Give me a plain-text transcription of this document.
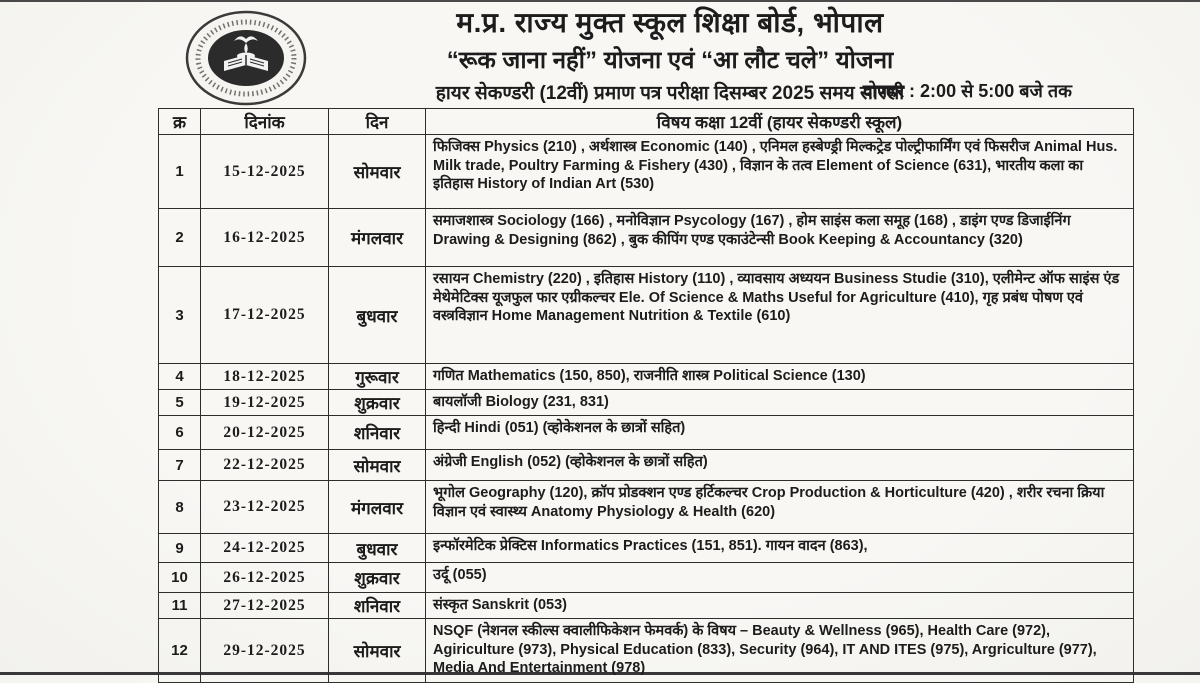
म.प्र. राज्य मुक्त स्कूल शिक्षा बोर्ड, भोपाल
“रूक जाना नहीं” योजना एवं “आ लौट चले” योजना
हायर सेकण्डरी (12वीं) प्रमाण पत्र परीक्षा दिसम्बर 2025 समय सारणी
दोपहर : 2:00 से 5:00 बजे तक
क्र	दिनांक	दिन	विषय कक्षा 12वीं (हायर सेकण्डरी स्कूल)
1	15-12-2025	सोमवार	फिजिक्स Physics (210) , अर्थशास्त्र Economic (140) , एनिमल हस्बेण्ड्री मिल्कट्रेड पोल्ट्रीफार्मिंग एवं फिसरीज Animal Hus. Milk trade, Poultry Farming & Fishery (430) , विज्ञान के तत्व Element of Science (631), भारतीय कला का इतिहास History of Indian Art (530)
2	16-12-2025	मंगलवार	समाजशास्त्र Sociology (166) , मनोविज्ञान Psycology (167) , होम साइंस कला समूह (168) , डाइंग एण्ड डिजाईनिंग Drawing & Designing (862) , बुक कीपिंग एण्ड एकाउंटेन्सी Book Keeping & Accountancy (320)
3	17-12-2025	बुधवार	रसायन Chemistry (220) , इतिहास History (110) , व्यावसाय अध्ययन Business Studie (310), एलीमेन्ट ऑफ साइंस एंड मेथेमेटिक्स यूजफुल फार एग्रीकल्चर Ele. Of Science & Maths Useful for Agriculture (410), गृह प्रबंध पोषण एवं वस्त्रविज्ञान Home Management Nutrition & Textile (610)
4	18-12-2025	गुरूवार	गणित Mathematics (150, 850), राजनीति शास्त्र Political Science (130)
5	19-12-2025	शुक्रवार	बायलॉजी Biology (231, 831)
6	20-12-2025	शनिवार	हिन्दी Hindi (051) (व्होकेशनल के छात्रों सहित)
7	22-12-2025	सोमवार	अंग्रेजी English (052) (व्होकेशनल के छात्रों सहित)
8	23-12-2025	मंगलवार	भूगोल Geography (120), क्रॉप प्रोडक्शन एण्ड हर्टिकल्चर Crop Production & Horticulture (420) , शरीर रचना क्रिया विज्ञान एवं स्वास्थ्य Anatomy Physiology & Health (620)
9	24-12-2025	बुधवार	इन्फॉरमेटिक प्रेक्टिस Informatics Practices (151, 851). गायन वादन (863),
10	26-12-2025	शुक्रवार	उर्दू (055)
11	27-12-2025	शनिवार	संस्कृत Sanskrit (053)
12	29-12-2025	सोमवार	NSQF (नेशनल स्कील्स क्वालीफिकेशन फेमवर्क) के विषय – Beauty & Wellness (965), Health Care (972), Agiriculture (973), Physical Education (833), Security (964), IT AND ITES (975), Argriculture (977), Media And Entertainment (978)
